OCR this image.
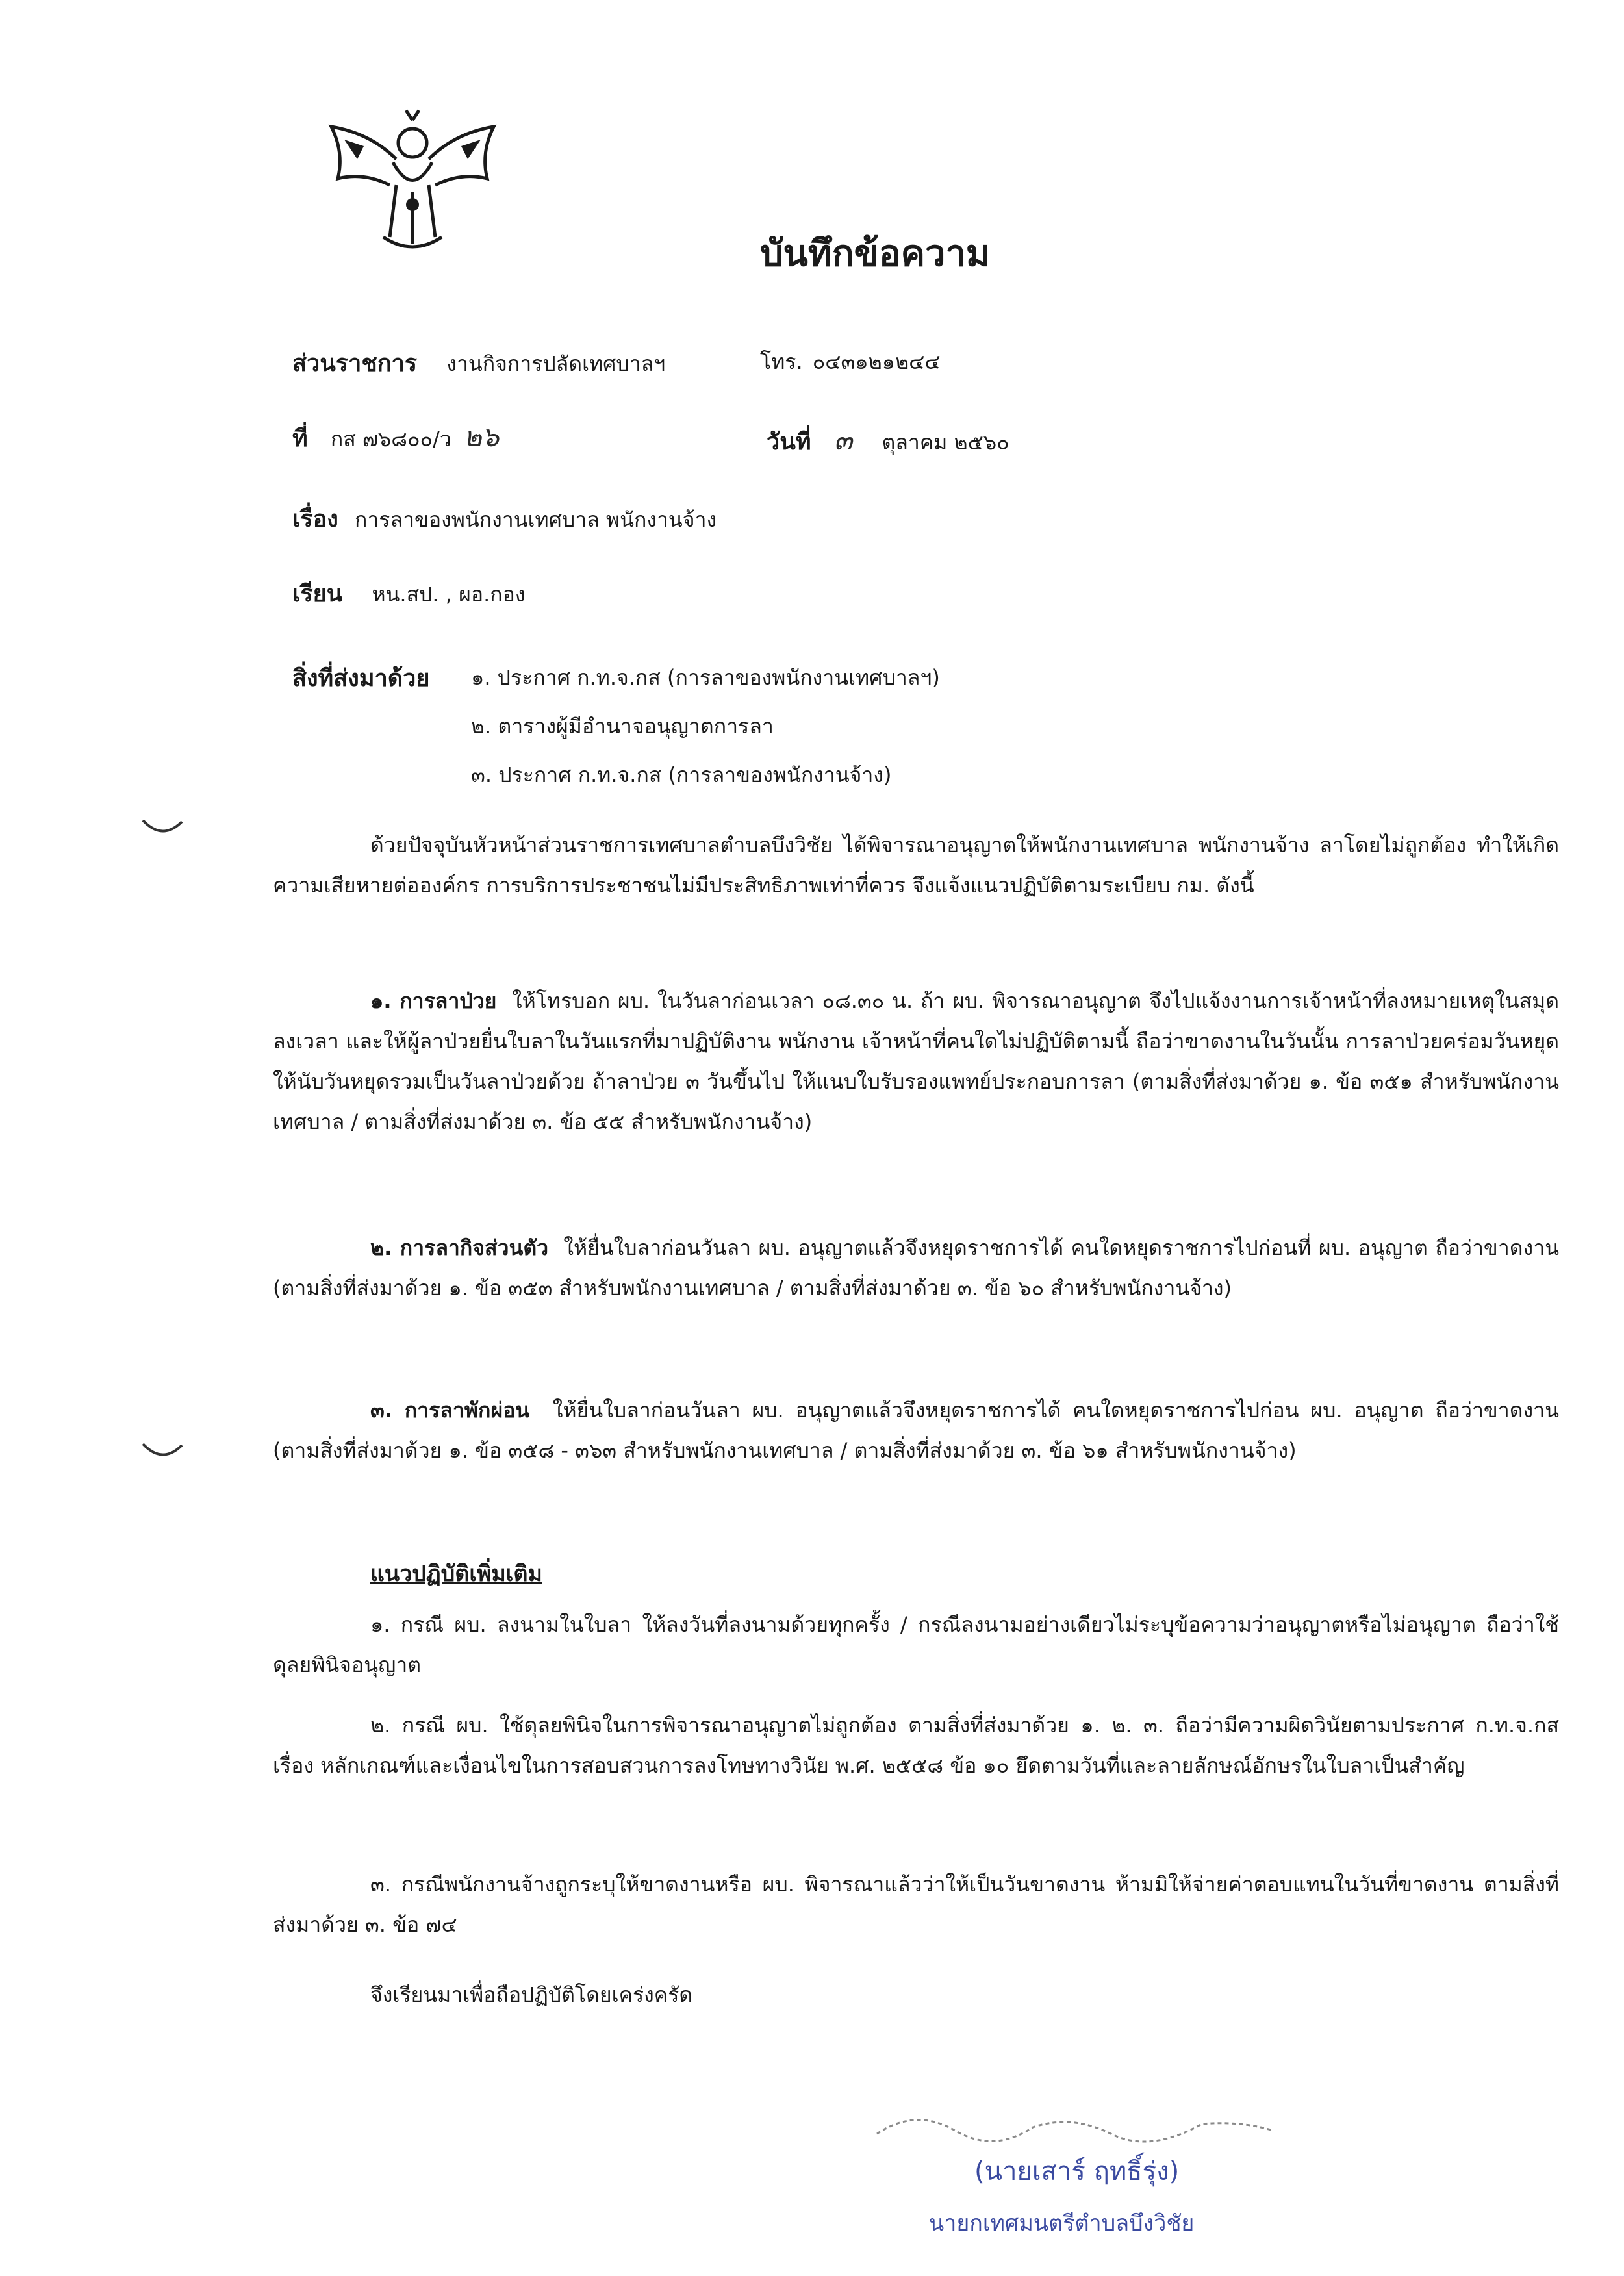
บันทึกข้อความ
ส่วนราชการ งานกิจการปลัดเทศบาลฯ	โทร. ๐๔๓๑๒๑๒๔๔
ที่ กส ๗๖๘๐๐/ว ๒๖	วันที่ ๓ ตุลาคม ๒๕๖๐
เรื่อง การลาของพนักงานเทศบาล พนักงานจ้าง
เรียน หน.สป. , ผอ.กอง
สิ่งที่ส่งมาด้วย ๑. ประกาศ ก.ท.จ.กส (การลาของพนักงานเทศบาลฯ)
๒. ตารางผู้มีอำนาจอนุญาตการลา
๓. ประกาศ ก.ท.จ.กส (การลาของพนักงานจ้าง)
ด้วยปัจจุบันหัวหน้าส่วนราชการเทศบาลตำบลบึงวิชัย ได้พิจารณาอนุญาตให้พนักงานเทศบาล พนักงานจ้าง ลาโดยไม่ถูกต้อง ทำให้เกิดความเสียหายต่อองค์กร การบริการประชาชนไม่มีประสิทธิภาพเท่าที่ควร จึงแจ้งแนวปฏิบัติตามระเบียบ กม. ดังนี้
๑. การลาป่วย ให้โทรบอก ผบ. ในวันลาก่อนเวลา ๐๘.๓๐ น. ถ้า ผบ. พิจารณาอนุญาต จึงไปแจ้งงานการเจ้าหน้าที่ลงหมายเหตุในสมุดลงเวลา และให้ผู้ลาป่วยยื่นใบลาในวันแรกที่มาปฏิบัติงาน พนักงาน เจ้าหน้าที่คนใดไม่ปฏิบัติตามนี้ ถือว่าขาดงานในวันนั้น การลาป่วยคร่อมวันหยุดให้นับวันหยุดรวมเป็นวันลาป่วยด้วย ถ้าลาป่วย ๓ วันขึ้นไป ให้แนบใบรับรองแพทย์ประกอบการลา (ตามสิ่งที่ส่งมาด้วย ๑. ข้อ ๓๕๑ สำหรับพนักงานเทศบาล / ตามสิ่งที่ส่งมาด้วย ๓. ข้อ ๕๕ สำหรับพนักงานจ้าง)
๒. การลากิจส่วนตัว ให้ยื่นใบลาก่อนวันลา ผบ. อนุญาตแล้วจึงหยุดราชการได้ คนใดหยุดราชการไปก่อนที่ ผบ. อนุญาต ถือว่าขาดงาน (ตามสิ่งที่ส่งมาด้วย ๑. ข้อ ๓๕๓ สำหรับพนักงานเทศบาล / ตามสิ่งที่ส่งมาด้วย ๓. ข้อ ๖๐ สำหรับพนักงานจ้าง)
๓. การลาพักผ่อน ให้ยื่นใบลาก่อนวันลา ผบ. อนุญาตแล้วจึงหยุดราชการได้ คนใดหยุดราชการไปก่อน ผบ. อนุญาต ถือว่าขาดงาน (ตามสิ่งที่ส่งมาด้วย ๑. ข้อ ๓๕๘ - ๓๖๓ สำหรับพนักงานเทศบาล / ตามสิ่งที่ส่งมาด้วย ๓. ข้อ ๖๑ สำหรับพนักงานจ้าง)
แนวปฏิบัติเพิ่มเติม
๑. กรณี ผบ. ลงนามในใบลา ให้ลงวันที่ลงนามด้วยทุกครั้ง / กรณีลงนามอย่างเดียวไม่ระบุข้อความว่าอนุญาตหรือไม่อนุญาต ถือว่าใช้ดุลยพินิจอนุญาต
๒. กรณี ผบ. ใช้ดุลยพินิจในการพิจารณาอนุญาตไม่ถูกต้อง ตามสิ่งที่ส่งมาด้วย ๑. ๒. ๓. ถือว่ามีความผิดวินัยตามประกาศ ก.ท.จ.กส เรื่อง หลักเกณฑ์และเงื่อนไขในการสอบสวนการลงโทษทางวินัย พ.ศ. ๒๕๕๘ ข้อ ๑๐ ยึดตามวันที่และลายลักษณ์อักษรในใบลาเป็นสำคัญ
๓. กรณีพนักงานจ้างถูกระบุให้ขาดงานหรือ ผบ. พิจารณาแล้วว่าให้เป็นวันขาดงาน ห้ามมิให้จ่ายค่าตอบแทนในวันที่ขาดงาน ตามสิ่งที่ส่งมาด้วย ๓. ข้อ ๗๔
จึงเรียนมาเพื่อถือปฏิบัติโดยเคร่งครัด
(นายเสาร์ ฤทธิ์รุ่ง)
นายกเทศมนตรีตำบลบึงวิชัย
